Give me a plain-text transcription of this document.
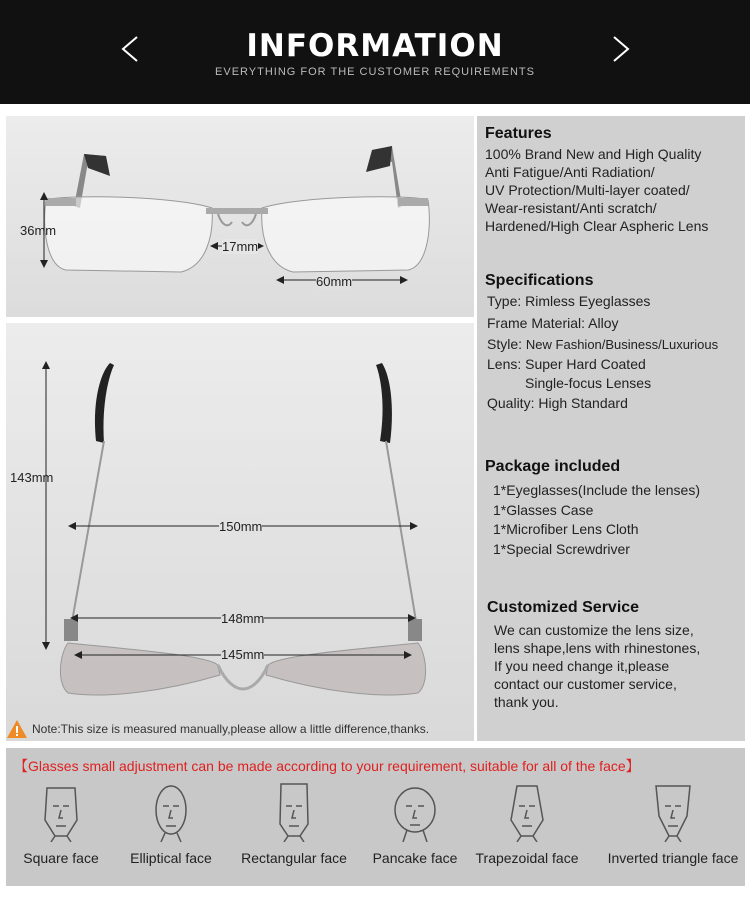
INFORMATION
EVERYTHING FOR THE CUSTOMER REQUIREMENTS
36mm
17mm
60mm
143mm
150mm
148mm
145mm
Note:This size is measured manually,please allow a little difference,thanks.
Features
100% Brand New and High Quality
Anti Fatigue/Anti Radiation/
UV Protection/Multi-layer coated/
Wear-resistant/Anti scratch/
Hardened/High Clear Aspheric Lens
Specifications
Type: Rimless Eyeglasses
Frame Material: Alloy
Style: New Fashion/Business/Luxurious
Lens: Super Hard Coated
Single-focus Lenses
Quality: High Standard
Package included
1*Eyeglasses(Include the lenses)
1*Glasses Case
1*Microfiber Lens Cloth
1*Special Screwdriver
Customized Service
We can customize the lens size,
lens shape,lens with rhinestones,
If you need change it,please
contact our customer service,
thank you.
【Glasses small adjustment can be made according to your requirement, suitable for all of the face】
Square face	Elliptical face	Rectangular face	Pancake face	Trapezoidal face	Inverted triangle face
